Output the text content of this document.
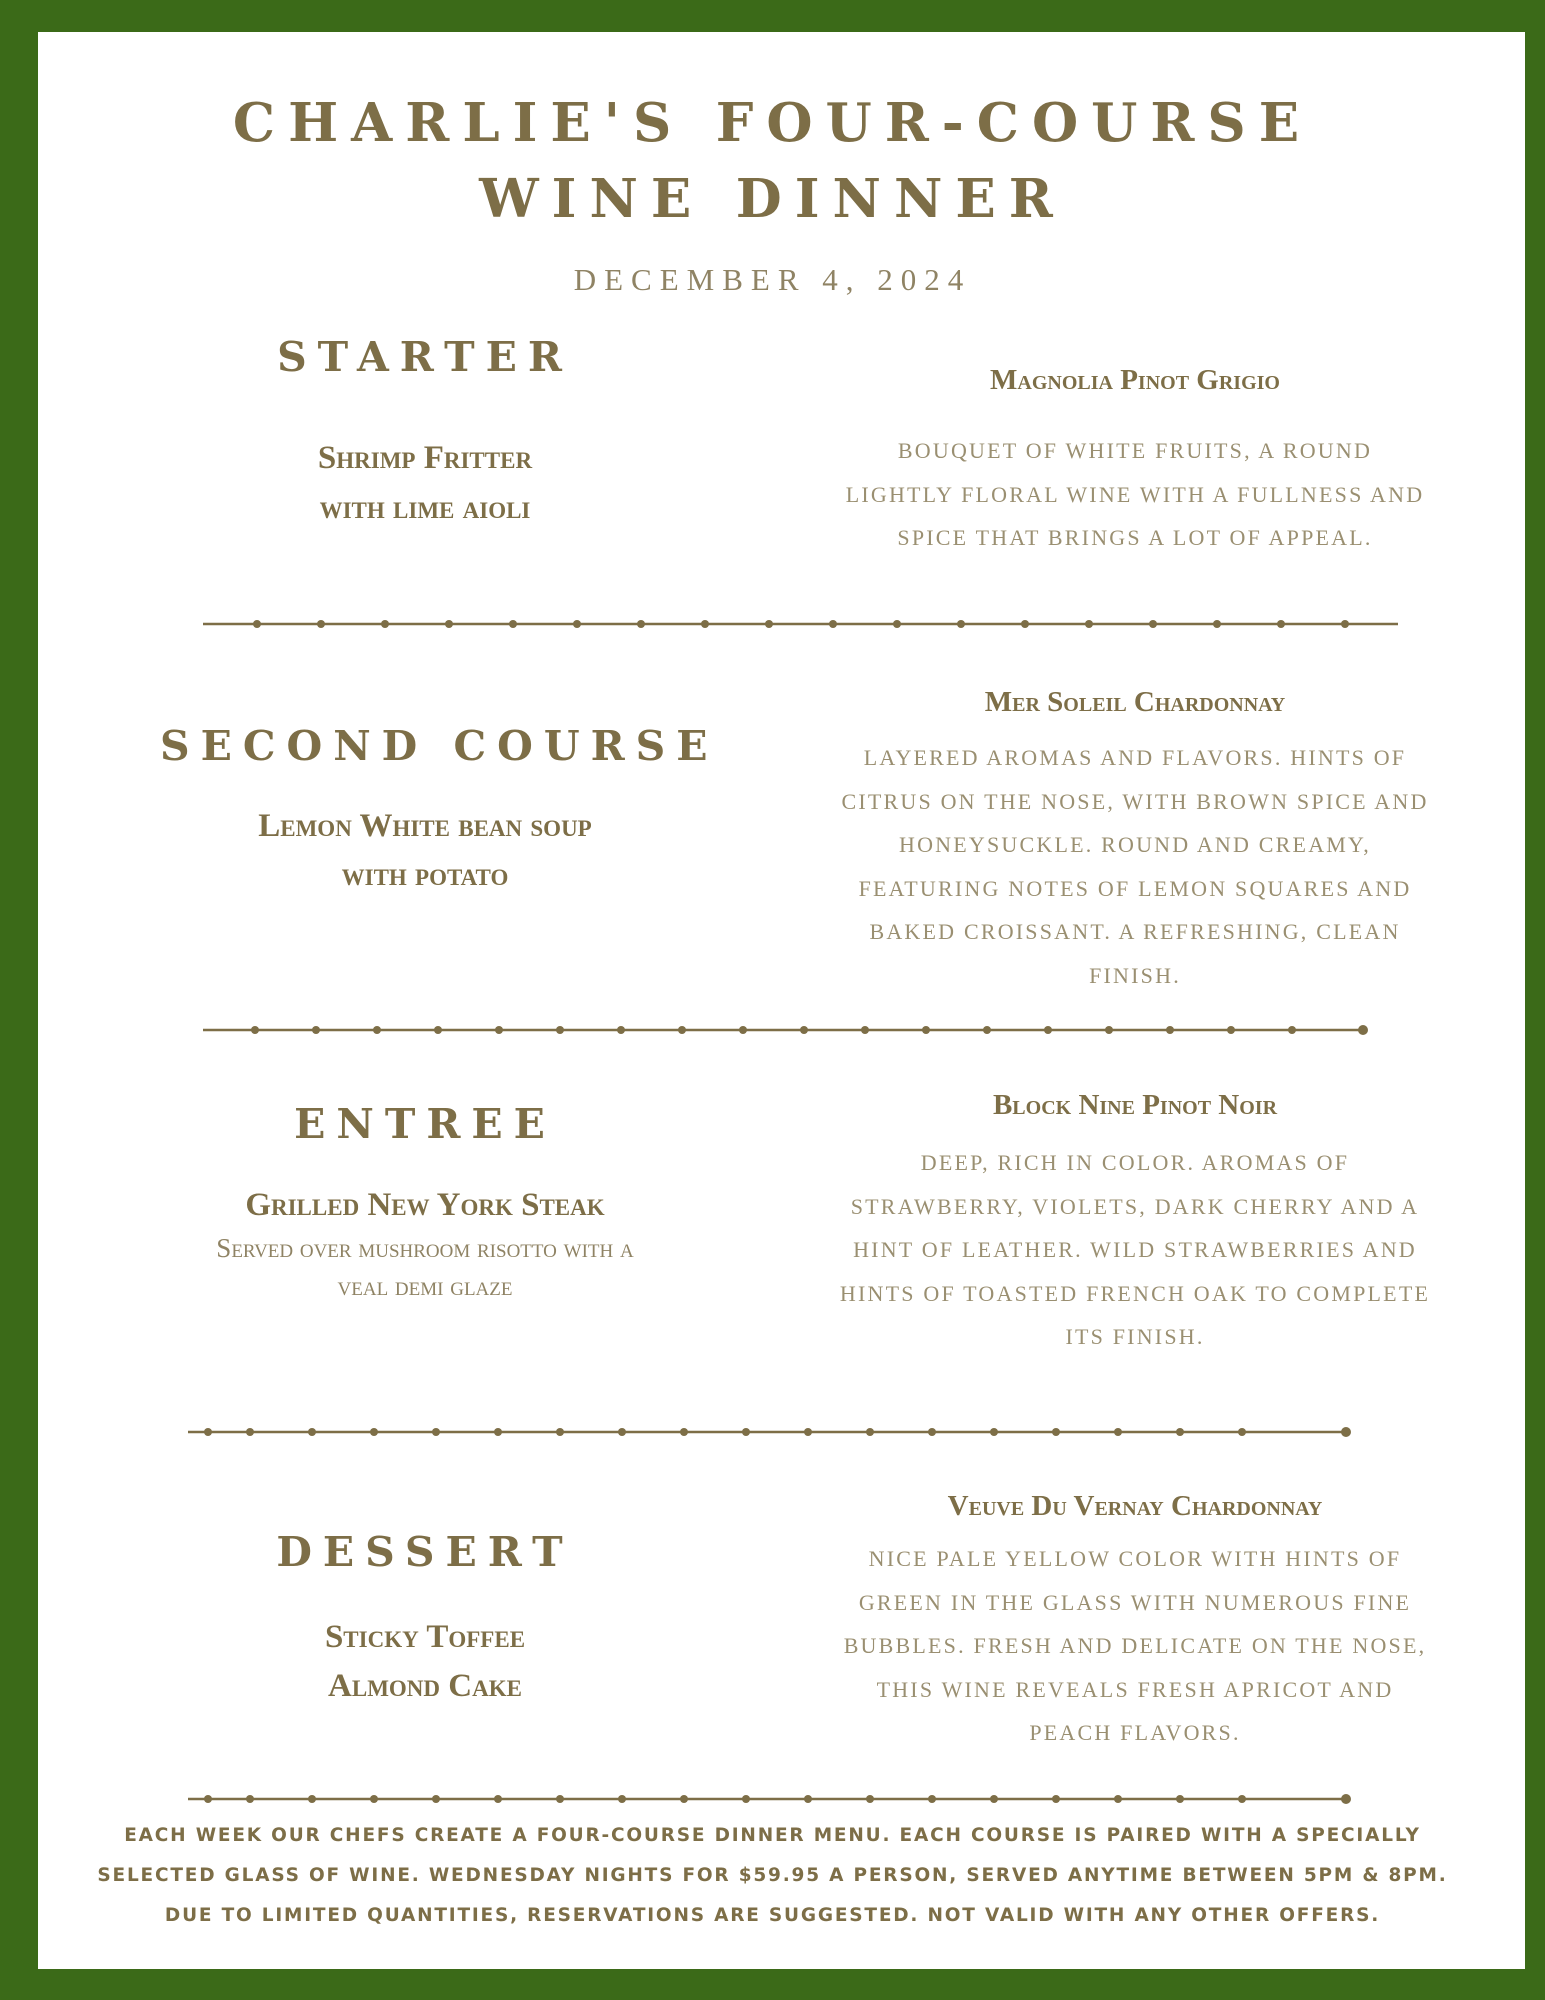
CHARLIE'S FOUR-COURSE
WINE DINNER
DECEMBER 4, 2024
STARTER
Shrimp Fritter
with lime aioli
Magnolia Pinot Grigio
BOUQUET OF WHITE FRUITS, A ROUND
LIGHTLY FLORAL WINE WITH A FULLNESS AND
SPICE THAT BRINGS A LOT OF APPEAL.
SECOND COURSE
Lemon White bean soup
with potato
Mer Soleil Chardonnay
LAYERED AROMAS AND FLAVORS. HINTS OF
CITRUS ON THE NOSE, WITH BROWN SPICE AND
HONEYSUCKLE. ROUND AND CREAMY,
FEATURING NOTES OF LEMON SQUARES AND
BAKED CROISSANT. A REFRESHING, CLEAN
FINISH.
ENTREE
Grilled New York Steak
Served over mushroom risotto with a
veal demi glaze
Block Nine Pinot Noir
DEEP, RICH IN COLOR. AROMAS OF
STRAWBERRY, VIOLETS, DARK CHERRY AND A
HINT OF LEATHER. WILD STRAWBERRIES AND
HINTS OF TOASTED FRENCH OAK TO COMPLETE
ITS FINISH.
DESSERT
Sticky Toffee
Almond Cake
Veuve Du Vernay Chardonnay
NICE PALE YELLOW COLOR WITH HINTS OF
GREEN IN THE GLASS WITH NUMEROUS FINE
BUBBLES. FRESH AND DELICATE ON THE NOSE,
THIS WINE REVEALS FRESH APRICOT AND
PEACH FLAVORS.
EACH WEEK OUR CHEFS CREATE A FOUR-COURSE DINNER MENU. EACH COURSE IS PAIRED WITH A SPECIALLY
SELECTED GLASS OF WINE. WEDNESDAY NIGHTS FOR $59.95 A PERSON, SERVED ANYTIME BETWEEN 5PM & 8PM.
DUE TO LIMITED QUANTITIES, RESERVATIONS ARE SUGGESTED. NOT VALID WITH ANY OTHER OFFERS.
